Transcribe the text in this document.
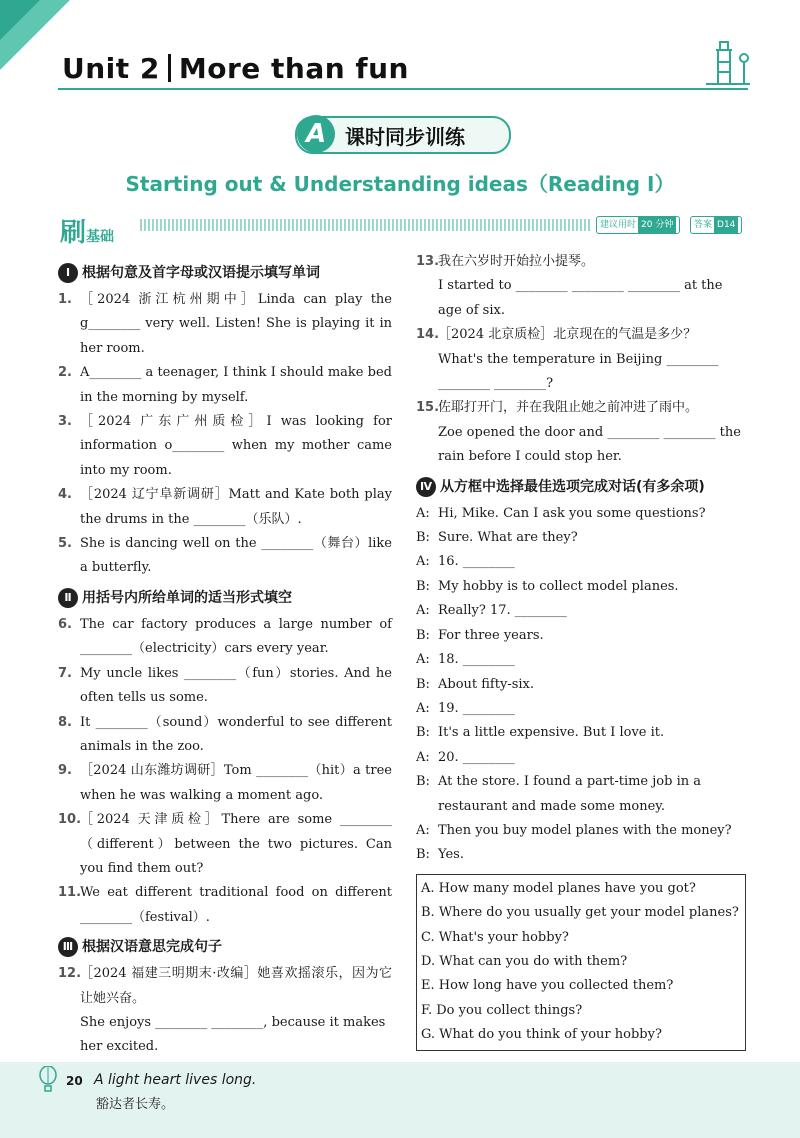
Unit 2 More than fun
A 课时同步训练
Starting out & Understanding ideas（Reading Ⅰ）
刷基础
建议用时 20 分钟	答案 D14
Ⅰ 根据句意及首字母或汉语提示填写单词
1. ［2024 浙江杭州期中］Linda can play the g________ very well. Listen! She is playing it in her room.
2. A________ a teenager, I think I should make bed in the morning by myself.
3. ［2024 广东广州质检］I was looking for information o________ when my mother came into my room.
4. ［2024 辽宁阜新调研］Matt and Kate both play the drums in the ________（乐队）.
5. She is dancing well on the ________（舞台）like a butterfly.
Ⅱ 用括号内所给单词的适当形式填空
6. The car factory produces a large number of ________（electricity）cars every year.
7. My uncle likes ________（fun）stories. And he often tells us some.
8. It ________（sound）wonderful to see different animals in the zoo.
9. ［2024 山东潍坊调研］Tom ________（hit）a tree when he was walking a moment ago.
10.
［2024 天津质检］There are some ________（different）between the two pictures. Can you find them out?
11.
We eat different traditional food on different ________（festival）.
Ⅲ 根据汉语意思完成句子
12.
［2024 福建三明期末·改编］她喜欢摇滚乐，因为它让她兴奋。
She enjoys ________ ________, because it makes her excited.
13.
我在六岁时开始拉小提琴。
I started to ________ ________ ________ at the age of six.
14.
［2024 北京质检］北京现在的气温是多少？
What's the temperature in Beijing ________ ________ ________?
15.
佐耶打开门，并在我阻止她之前冲进了雨中。
Zoe opened the door and ________ ________ the rain before I could stop her.
Ⅳ 从方框中选择最佳选项完成对话(有多余项)
A: Hi, Mike. Can I ask you some questions?
B: Sure. What are they?
A: 16. ________
B: My hobby is to collect model planes.
A: Really? 17. ________
B: For three years.
A: 18. ________
B: About fifty-six.
A: 19. ________
B: It's a little expensive. But I love it.
A: 20. ________
B: At the store. I found a part-time job in a restaurant and made some money.
A: Then you buy model planes with the money?
B: Yes.
A. How many model planes have you got?
B. Where do you usually get your model planes?
C. What's your hobby?
D. What can you do with them?
E. How long have you collected them?
F. Do you collect things?
G. What do you think of your hobby?
20 A light heart lives long.
豁达者长寿。
